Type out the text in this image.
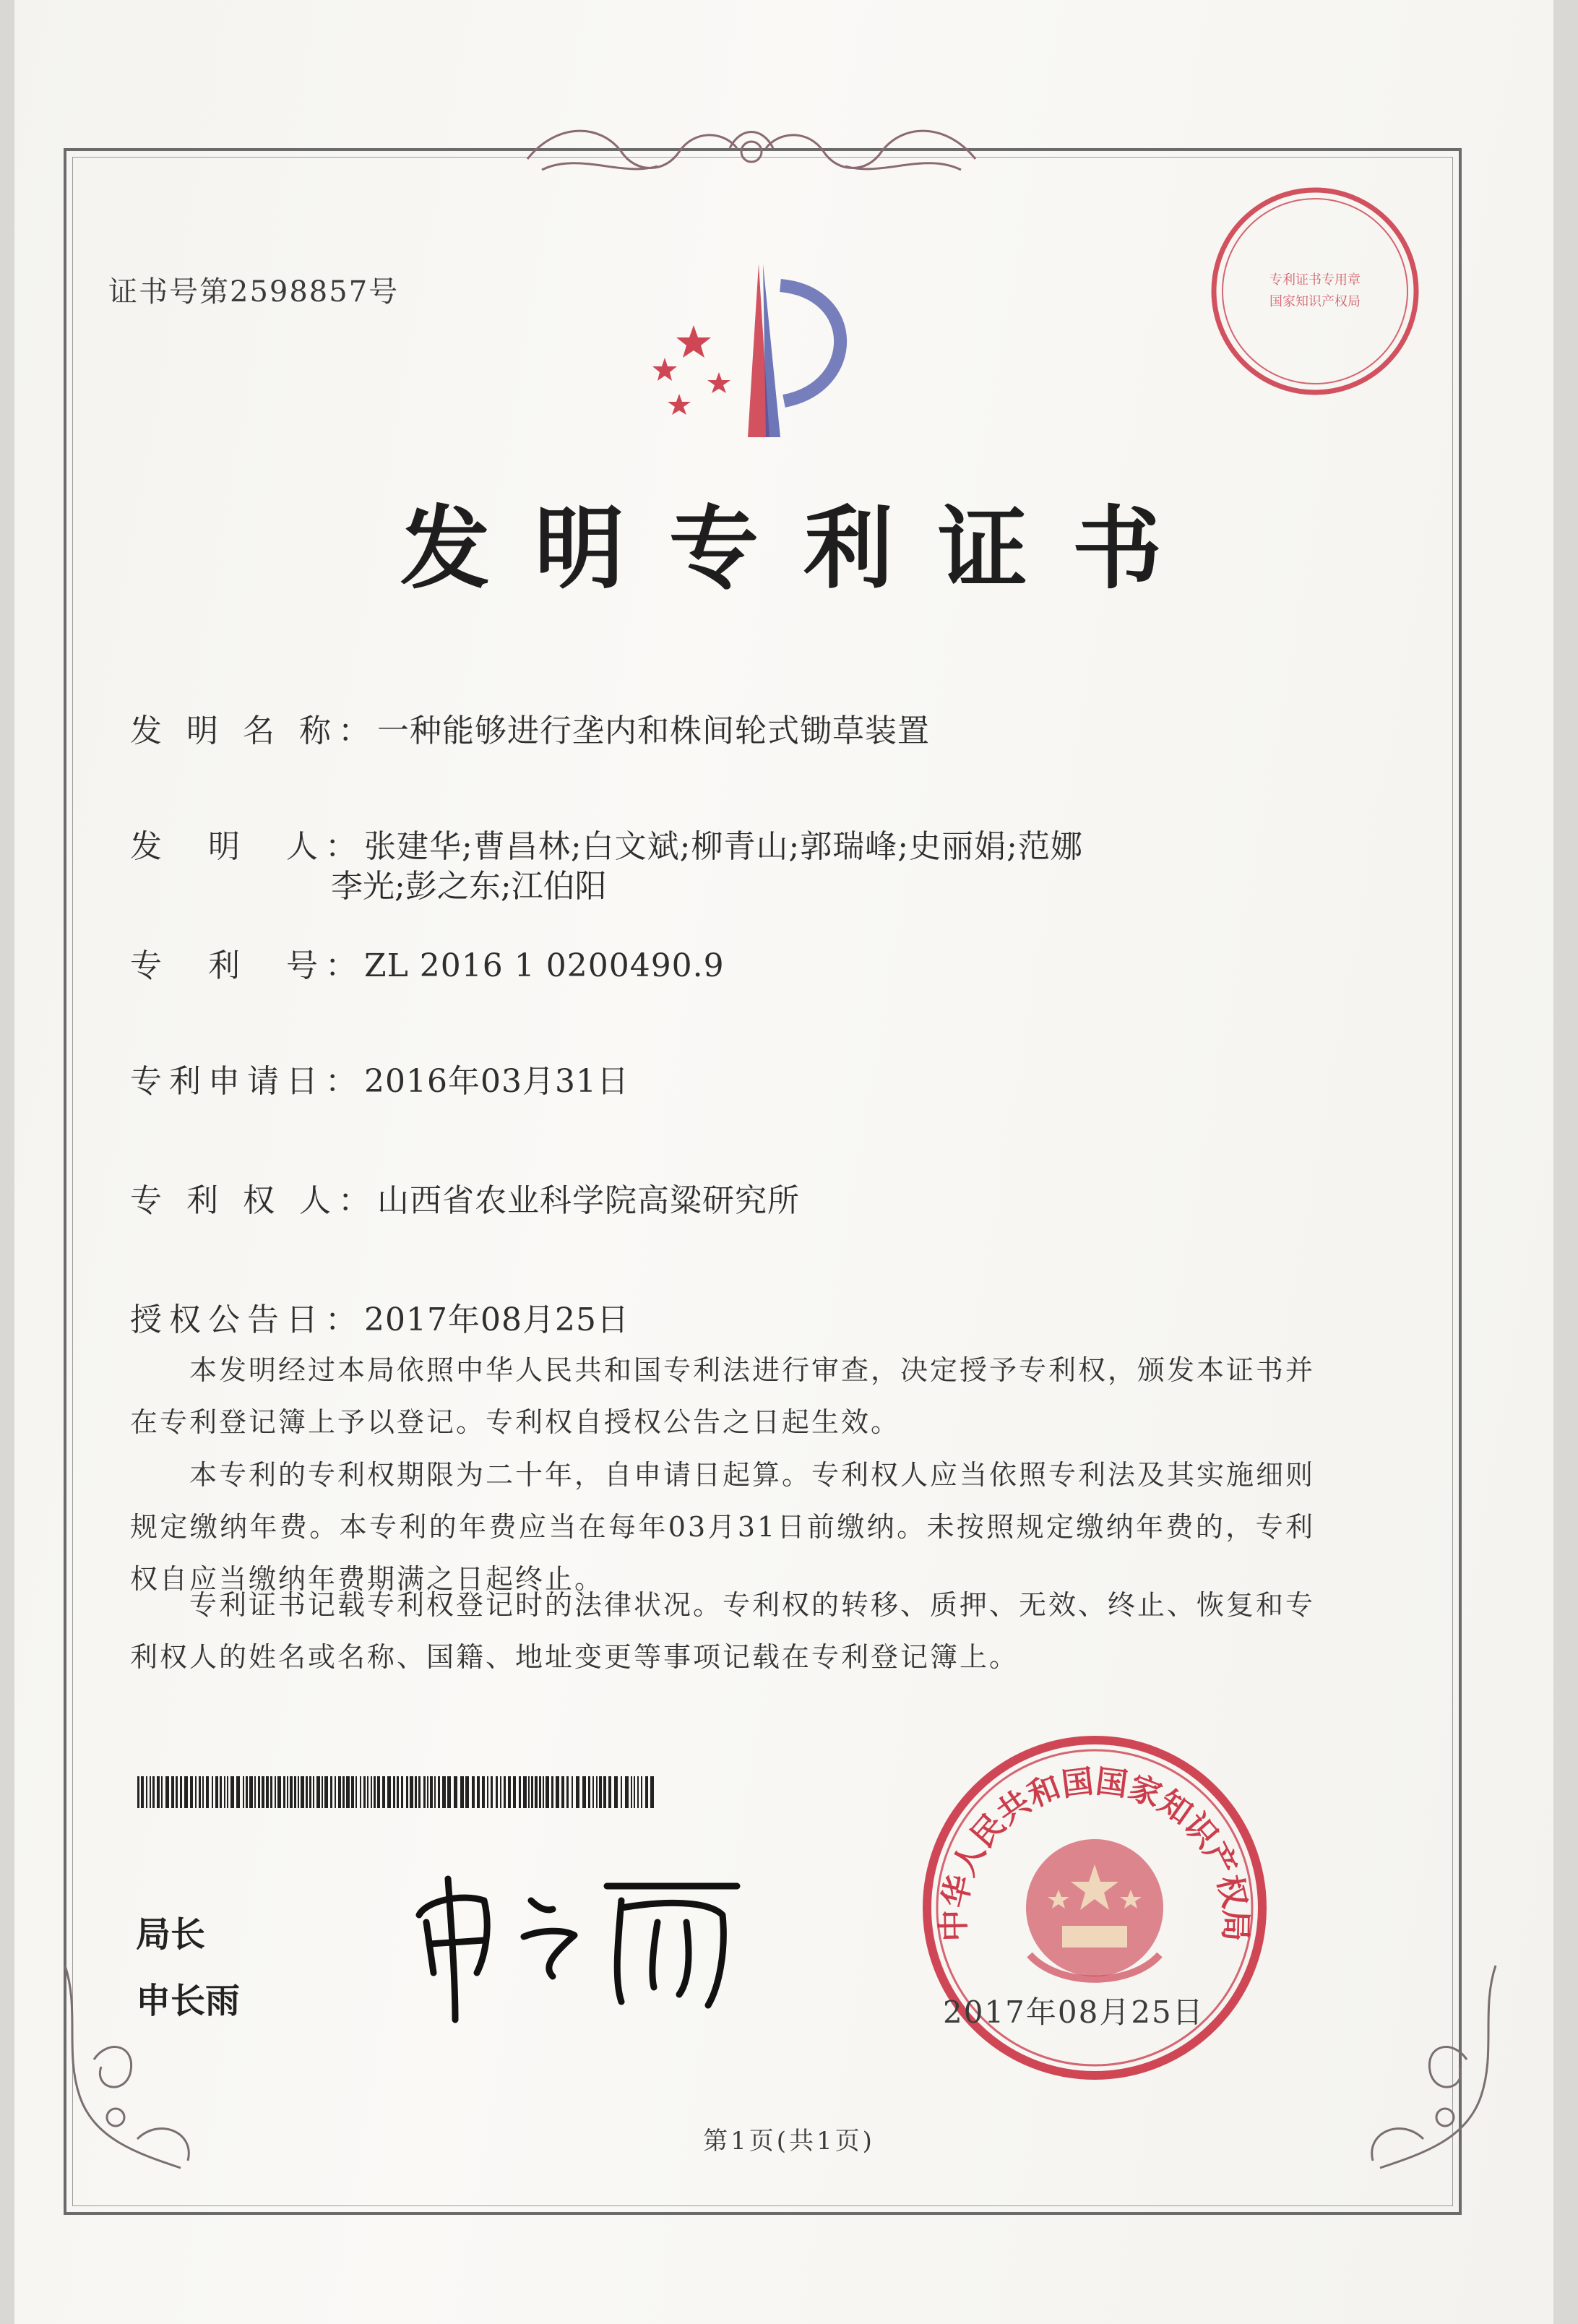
证书号第2598857号	专利证书专用章
国家知识产权局
发明专利证书
发 明 名 称：一种能够进行垄内和株间轮式锄草装置
发　明　人：张建华;曹昌林;白文斌;柳青山;郭瑞峰;史丽娟;范娜
李光;彭之东;江伯阳
专　利　号：ZL 2016 1 0200490.9
专利申请日：2016年03月31日
专 利 权 人：山西省农业科学院高粱研究所
授权公告日：2017年08月25日
　　本发明经过本局依照中华人民共和国专利法进行审查，决定授予专利权，颁发本证书并在专利登记簿上予以登记。专利权自授权公告之日起生效。
　　本专利的专利权期限为二十年，自申请日起算。专利权人应当依照专利法及其实施细则规定缴纳年费。本专利的年费应当在每年03月31日前缴纳。未按照规定缴纳年费的，专利权自应当缴纳年费期满之日起终止。
　　专利证书记载专利权登记时的法律状况。专利权的转移、质押、无效、终止、恢复和专利权人的姓名或名称、国籍、地址变更等事项记载在专利登记簿上。
局长
申长雨
中华人民共和国国家知识产权局
2017年08月25日
第1页(共1页)
